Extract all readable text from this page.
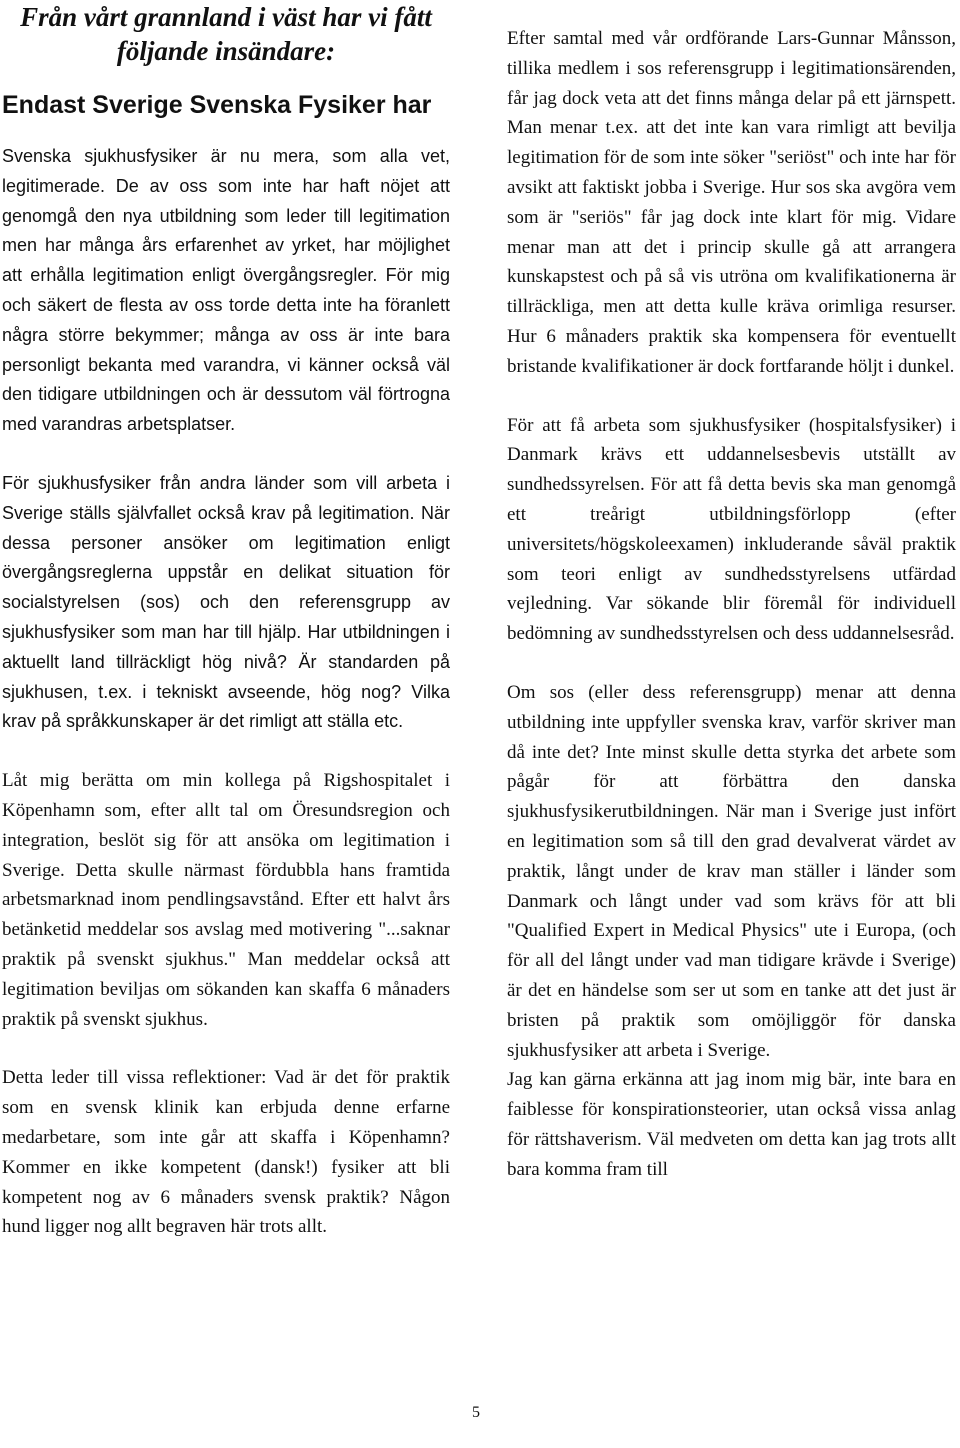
Från vårt grannland i väst har vi fått följande insändare:
Endast Sverige Svenska Fysiker har

Svenska sjukhusfysiker är nu mera, som alla vet, legitimerade. De av oss som inte har haft nöjet att genomgå den nya utbildning som leder till legitimation men har många års erfarenhet av yrket, har möjlighet att erhålla legitimation enligt övergångsregler. För mig och säkert de flesta av oss torde detta inte ha föranlett några större bekymmer; många av oss är inte bara personligt bekanta med varandra, vi känner också väl den tidigare utbildningen och är dessutom väl förtrogna med varandras arbetsplatser.

För sjukhusfysiker från andra länder som vill arbeta i Sverige ställs självfallet också krav på legitimation. När dessa personer ansöker om legitimation enligt övergångsreglerna uppstår en delikat situation för socialstyrelsen (sos) och den referensgrupp av sjukhusfysiker som man har till hjälp. Har utbildningen i aktuellt land tillräckligt hög nivå? Är standarden på sjukhusen, t.ex. i tekniskt avseende, hög nog? Vilka krav på språkkunskaper är det rimligt att ställa etc.

Låt mig berätta om min kollega på Rigshospitalet i Köpenhamn som, efter allt tal om Öresundsregion och integration, beslöt sig för att ansöka om legitimation i Sverige. Detta skulle närmast fördubbla hans framtida arbetsmarknad inom pendlingsavstånd. Efter ett halvt års betänketid meddelar sos avslag med motivering "...saknar praktik på svenskt sjukhus." Man meddelar också att legitimation beviljas om sökanden kan skaffa 6 månaders praktik på svenskt sjukhus.

Detta leder till vissa reflektioner: Vad är det för praktik som en svensk klinik kan erbjuda denne erfarne medarbetare, som inte går att skaffa i Köpenhamn? Kommer en ikke kompetent (dansk!) fysiker att bli kompetent nog av 6 månaders svensk praktik? Någon hund ligger nog allt begraven här trots allt.

Efter samtal med vår ordförande Lars-Gunnar Månsson, tillika medlem i sos referensgrupp i legitimationsärenden, får jag dock veta att det finns många delar på ett järnspett. Man menar t.ex. att det inte kan vara rimligt att bevilja legitimation för de som inte söker "seriöst" och inte har för avsikt att faktiskt jobba i Sverige. Hur sos ska avgöra vem som är "seriös" får jag dock inte klart för mig. Vidare menar man att det i princip skulle gå att arrangera kunskapstest och på så vis utröna om kvalifikationerna är tillräckliga, men att detta kulle kräva orimliga resurser. Hur 6 månaders praktik ska kompensera för eventuellt bristande kvalifikationer är dock fortfarande höljt i dunkel.

För att få arbeta som sjukhusfysiker (hospitalsfysiker) i Danmark krävs ett uddannelsesbevis utställt av sundhedssyrelsen. För att få detta bevis ska man genomgå ett treårigt utbildningsförlopp (efter universitets/högskoleexamen) inkluderande såväl praktik som teori enligt av sundhedsstyrelsens utfärdad vejledning. Var sökande blir föremål för individuell bedömning av sundhedsstyrelsen och dess uddannelsesråd.

Om sos (eller dess referensgrupp) menar att denna utbildning inte uppfyller svenska krav, varför skriver man då inte det? Inte minst skulle detta styrka det arbete som pågår för att förbättra den danska sjukhusfysikerutbildningen. När man i Sverige just infört en legitimation som så till den grad devalverat värdet av praktik, långt under de krav man ställer i länder som Danmark och långt under vad som krävs för att bli "Qualified Expert in Medical Physics" ute i Europa, (och för all del långt under vad man tidigare krävde i Sverige) är det en händelse som ser ut som en tanke att det just är bristen på praktik som omöjliggör för danska sjukhusfysiker att arbeta i Sverige.

Jag kan gärna erkänna att jag inom mig bär, inte bara en faiblesse för konspirationsteorier, utan också vissa anlag för rättshaverism. Väl medveten om detta kan jag trots allt bara komma fram till

5
